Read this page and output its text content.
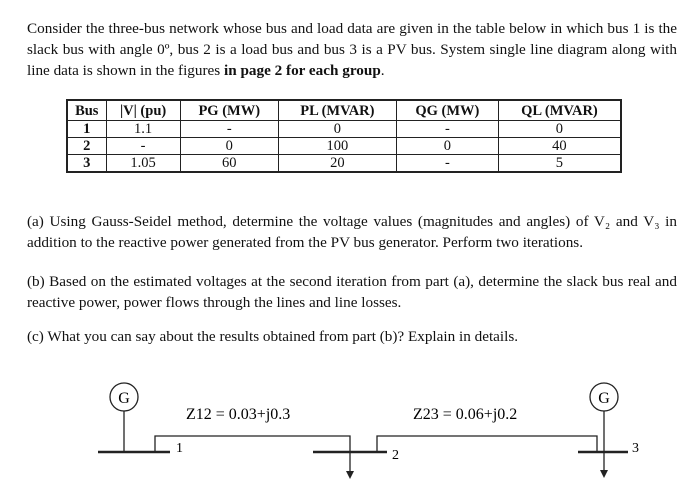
Consider the three-bus network whose bus and load data are given in the table below in which bus 1 is the slack bus with angle 0º, bus 2 is a load bus and bus 3 is a PV bus. System single line diagram along with line data is shown in the figures in page 2 for each group.

Bus	|V| (pu)	PG (MW)	PL (MVAR)	QG (MW)	QL (MVAR)
1	1.1	-	0	-	0
2	-	0	100	0	40
3	1.05	60	20	-	5

(a) Using Gauss-Seidel method, determine the voltage values (magnitudes and angles) of V₂ and V₃ in addition to the reactive power generated from the PV bus generator. Perform two iterations.

(b) Based on the estimated voltages at the second iteration from part (a), determine the slack bus real and reactive power, power flows through the lines and line losses.

(c) What you can say about the results obtained from part (b)? Explain in details.

G
1
Z12 = 0.03+j0.3
2
Z23 = 0.06+j0.2
G
3
